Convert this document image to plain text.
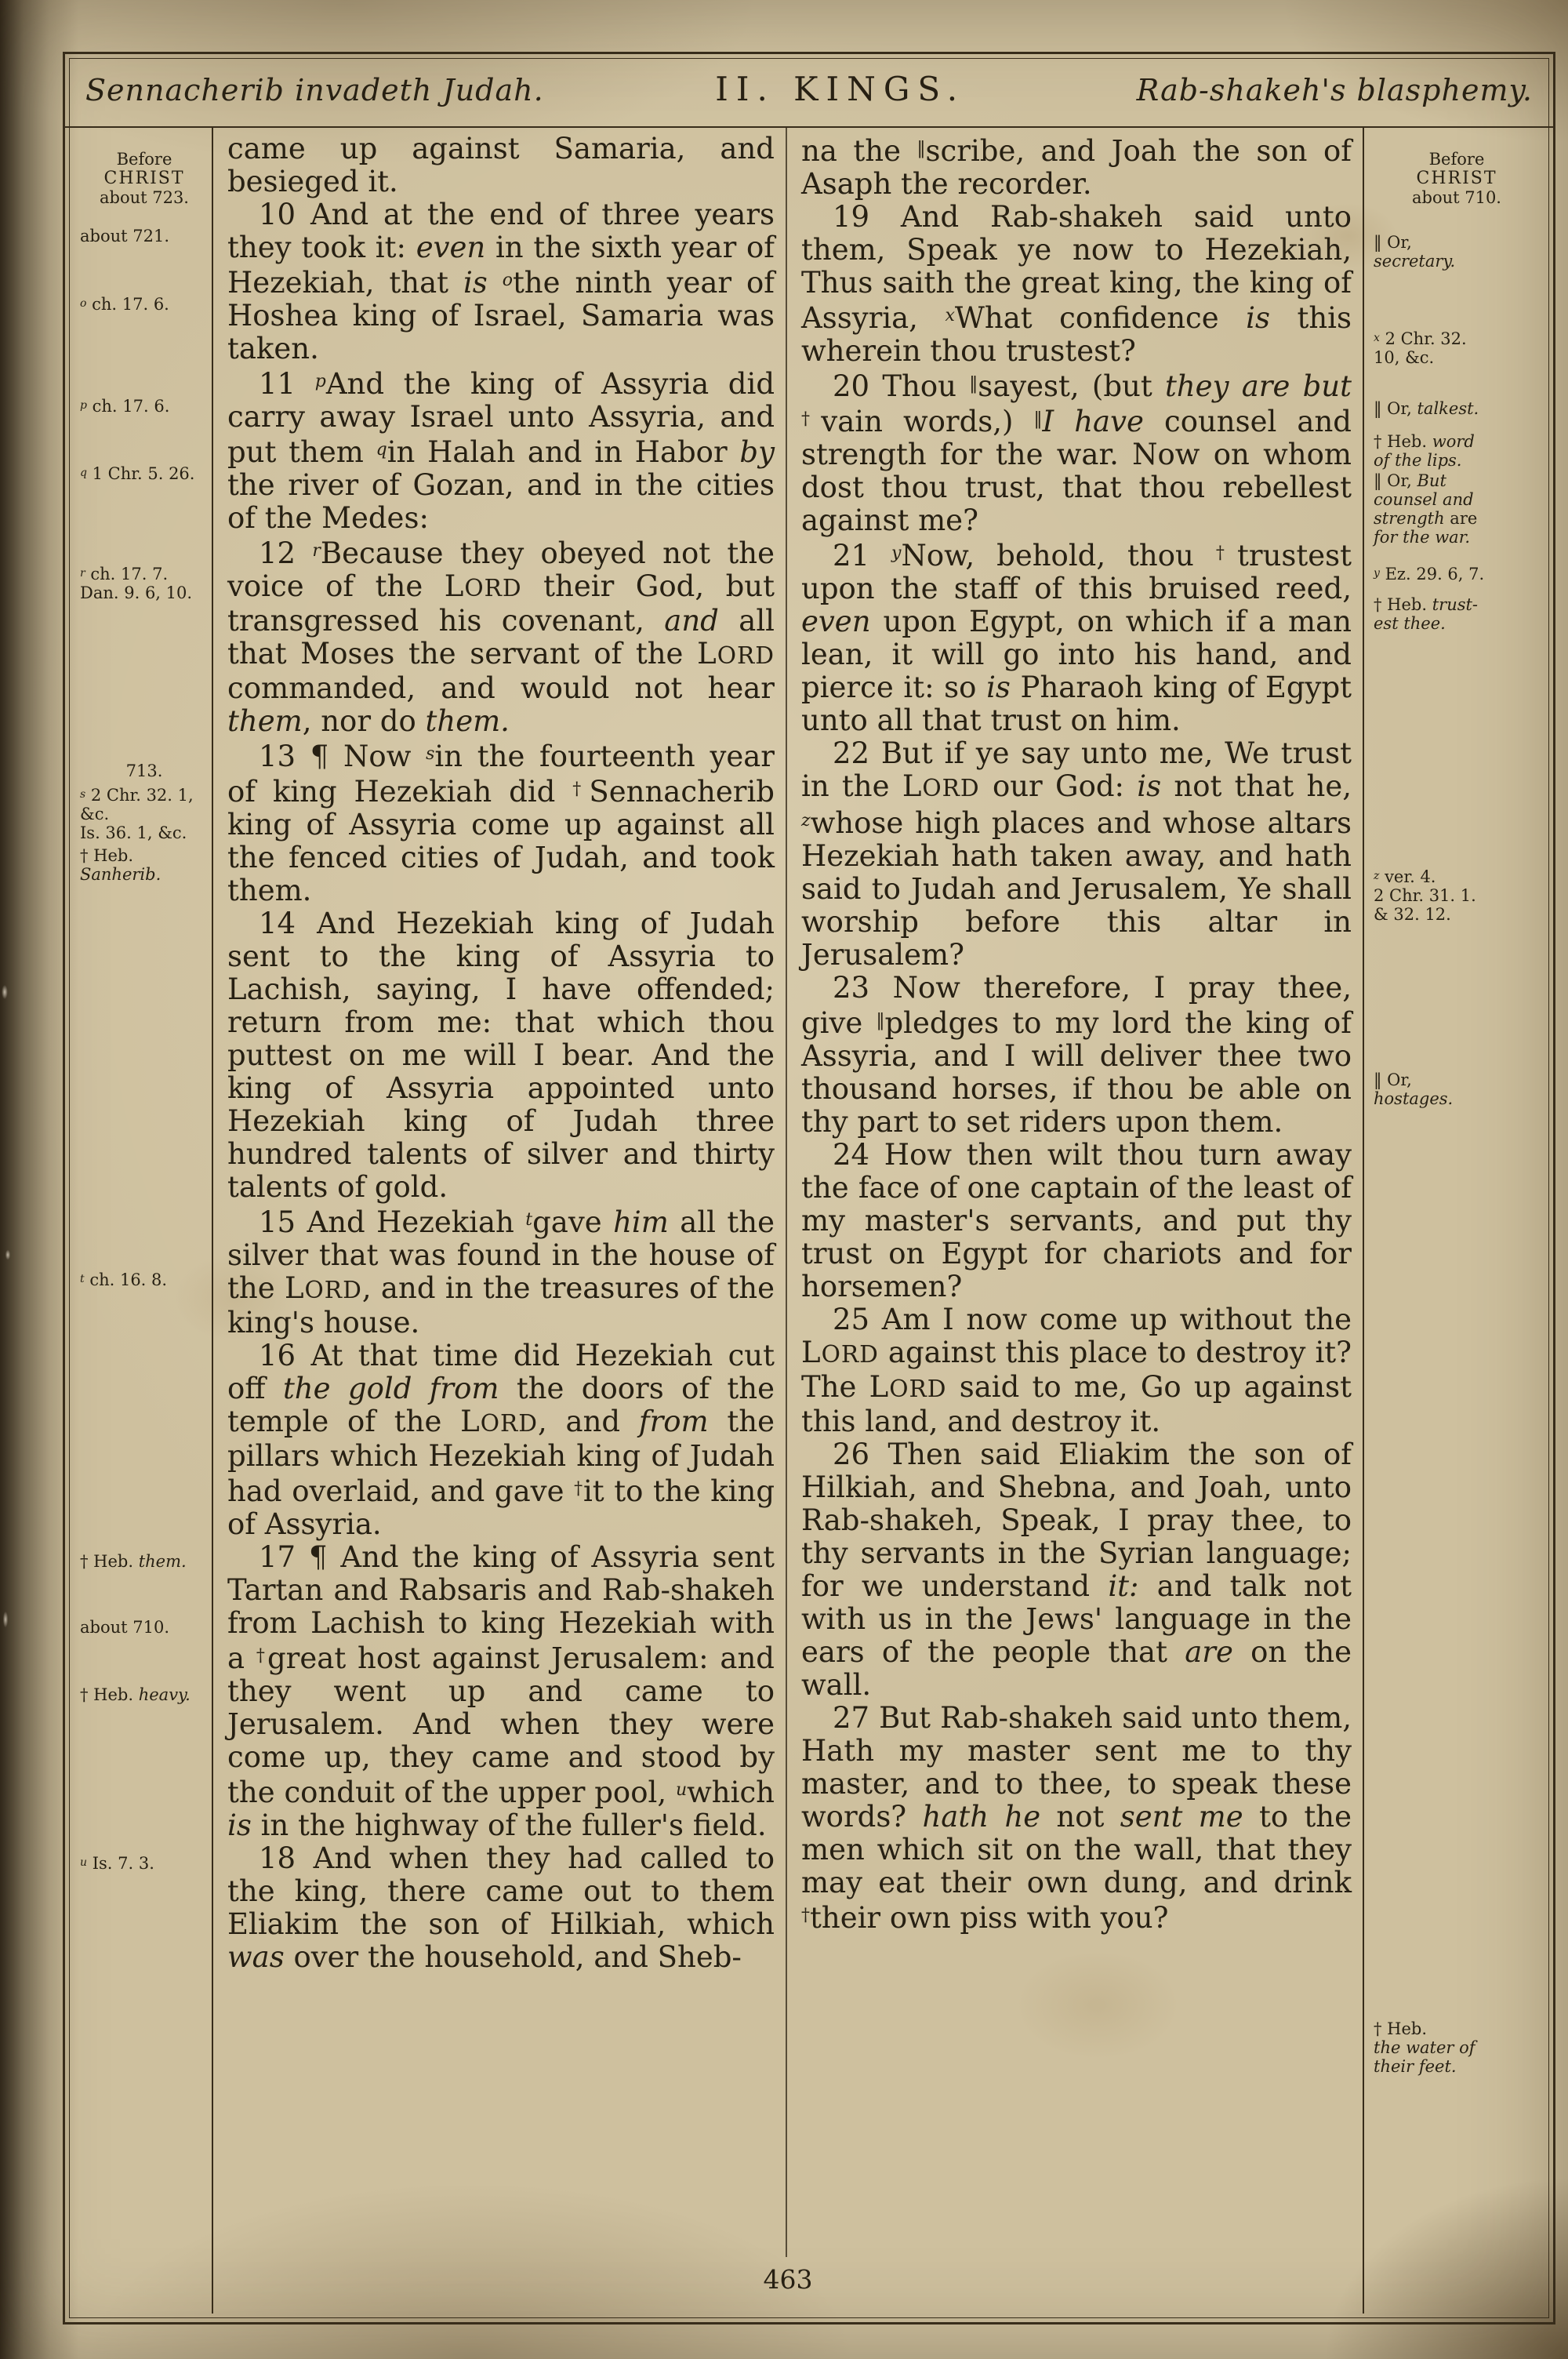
Sennacherib invadeth Judah.	II. KINGS.	Rab-shakeh's blasphemy.
Before
CHRIST
about 723.
about 721.
$^o$ ch. 17. 6.
$^p$ ch. 17. 6.
$^q$ 1 Chr. 5. 26.
$^r$ ch. 17. 7.
Dan. 9. 6, 10.
713.
$^s$ 2 Chr. 32. 1,
&c.
Is. 36. 1, &c.
† Heb.
Sanherib.
$^t$ ch. 16. 8.
† Heb. them.
about 710.
† Heb. heavy.
$^u$ Is. 7. 3.

came up against Samaria, and besieged it.

10 And at the end of three years they took it: even in the sixth year of Hezekiah, that is $^o$the ninth year of Hoshea king of Israel, Samaria was taken.

11 $^p$And the king of Assyria did carry away Israel unto Assyria, and put them $^q$in Halah and in Habor by the river of Gozan, and in the cities of the Medes:

12 $^r$Because they obeyed not the voice of the LORD their God, but transgressed his covenant, and all that Moses the servant of the LORD commanded, and would not hear them, nor do them.

13 ¶ Now $^s$in the fourteenth year of king Hezekiah did †Sennacherib king of Assyria come up against all the fenced cities of Judah, and took them.

14 And Hezekiah king of Judah sent to the king of Assyria to Lachish, saying, I have offended; return from me: that which thou puttest on me will I bear. And the king of Assyria appointed unto Hezekiah king of Judah three hundred talents of silver and thirty talents of gold.

15 And Hezekiah $^t$gave him all the silver that was found in the house of the LORD, and in the treasures of the king's house.

16 At that time did Hezekiah cut off the gold from the doors of the temple of the LORD, and from the pillars which Hezekiah king of Judah had overlaid, and gave †it to the king of Assyria.

17 ¶ And the king of Assyria sent Tartan and Rabsaris and Rab-shakeh from Lachish to king Hezekiah with a †great host against Jerusalem: and they went up and came to Jerusalem. And when they were come up, they came and stood by the conduit of the upper pool, $^u$which is in the highway of the fuller's field.

18 And when they had called to the king, there came out to them Eliakim the son of Hilkiah, which was over the household, and Sheb-

na the ‖scribe, and Joah the son of Asaph the recorder.

19 And Rab-shakeh said unto them, Speak ye now to Hezekiah, Thus saith the great king, the king of Assyria, $^x$What confidence is this wherein thou trustest?

20 Thou ‖sayest, (but they are but †vain words,) ‖I have counsel and strength for the war. Now on whom dost thou trust, that thou rebellest against me?

21 $^y$Now, behold, thou †trustest upon the staff of this bruised reed, even upon Egypt, on which if a man lean, it will go into his hand, and pierce it: so is Pharaoh king of Egypt unto all that trust on him.

22 But if ye say unto me, We trust in the LORD our God: is not that he, $^z$whose high places and whose altars Hezekiah hath taken away, and hath said to Judah and Jerusalem, Ye shall worship before this altar in Jerusalem?

23 Now therefore, I pray thee, give ‖pledges to my lord the king of Assyria, and I will deliver thee two thousand horses, if thou be able on thy part to set riders upon them.

24 How then wilt thou turn away the face of one captain of the least of my master's servants, and put thy trust on Egypt for chariots and for horsemen?

25 Am I now come up without the LORD against this place to destroy it? The LORD said to me, Go up against this land, and destroy it.

26 Then said Eliakim the son of Hilkiah, and Shebna, and Joah, unto Rab-shakeh, Speak, I pray thee, to thy servants in the Syrian language; for we understand it: and talk not with us in the Jews' language in the ears of the people that are on the wall.

27 But Rab-shakeh said unto them, Hath my master sent me to thy master, and to thee, to speak these words? hath he not sent me to the men which sit on the wall, that they may eat their own dung, and drink †their own piss with you?

Before
CHRIST
about 710.
‖ Or,
secretary.
$^x$ 2 Chr. 32.
10, &c.
‖ Or, talkest.
† Heb. word
of the lips.
‖ Or, But
counsel and
strength are
for the war.
$^y$ Ez. 29. 6, 7.
† Heb. trust-
est thee.
$^z$ ver. 4.
2 Chr. 31. 1.
& 32. 12.
‖ Or,
hostages.
† Heb.
the water of
their feet.
463
